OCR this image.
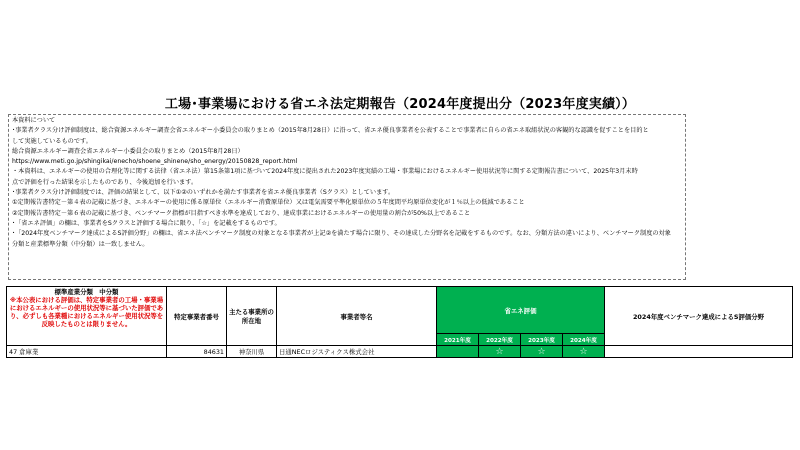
工場･事業場における省エネ法定期報告（2024年度提出分（2023年度実績））
本資料について
･事業者クラス分け評価制度は、総合資源エネルギー調査会省エネルギー小委員会の取りまとめ（2015年8月28日）に沿って、省エネ優良事業者を公表することで事業者に自らの省エネ取組状況の客観的な認識を促すことを目的と
して実施しているものです。
総合資源エネルギー調査会省エネルギー小委員会の取りまとめ（2015年8月28日）
https://www.meti.go.jp/shingikai/enecho/shoene_shinene/sho_energy/20150828_report.html
・本資料は、エネルギーの使用の合理化等に関する法律（省エネ法）第15条第1項に基づいて2024年度に提出された2023年度実績の工場・事業場におけるエネルギー使用状況等に関する定期報告書について、2025年3月末時
点で評価を行った結果を示したものであり、今後追加を行います。
･事業者クラス分け評価制度では、評価の結果として、以下①②のいずれかを満たす事業者を省エネ優良事業者（Sクラス）としています。
①定期報告書特定－第４表の記載に基づき、エネルギーの使用に係る原単位（エネルギー消費原単位）又は電気需要平準化原単位の５年度間平均原単位変化が１％以上の低減であること
②定期報告書特定－第６表の記載に基づき、ベンチマーク指標が目指すべき水準を達成しており、達成事業におけるエネルギーの使用量の割合が50%以上であること
･「省エネ評価」の欄は、事業者をSクラスと評価する場合に限り、「☆」を記載をするものです。
･「2024年度ベンチマーク達成によるS評価分野」の欄は、省エネ法ベンチマーク制度の対象となる事業者が上記②を満たす場合に限り、その達成した分野名を記載をするものです。なお、分類方法の違いにより、ベンチマーク制度の対象
分類と産業標準分類（中分類）は一致しません。
標準産業分類　中分類
※本公表における評価は、特定事業者の工場・事業場におけるエネルギーの使用状況等に基づいた評価であり、必ずしも各業種におけるエネルギー使用状況等を反映したものとは限りません。	特定事業者番号	主たる事業所の所在地	事業者等名	省エネ評価				2024年度ベンチマーク達成によるS評価分野
				2021年度	2022年度	2023年度	2024年度	
47 倉庫業	84631	神奈川県	日通NECロジスティクス株式会社		☆	☆	☆	
